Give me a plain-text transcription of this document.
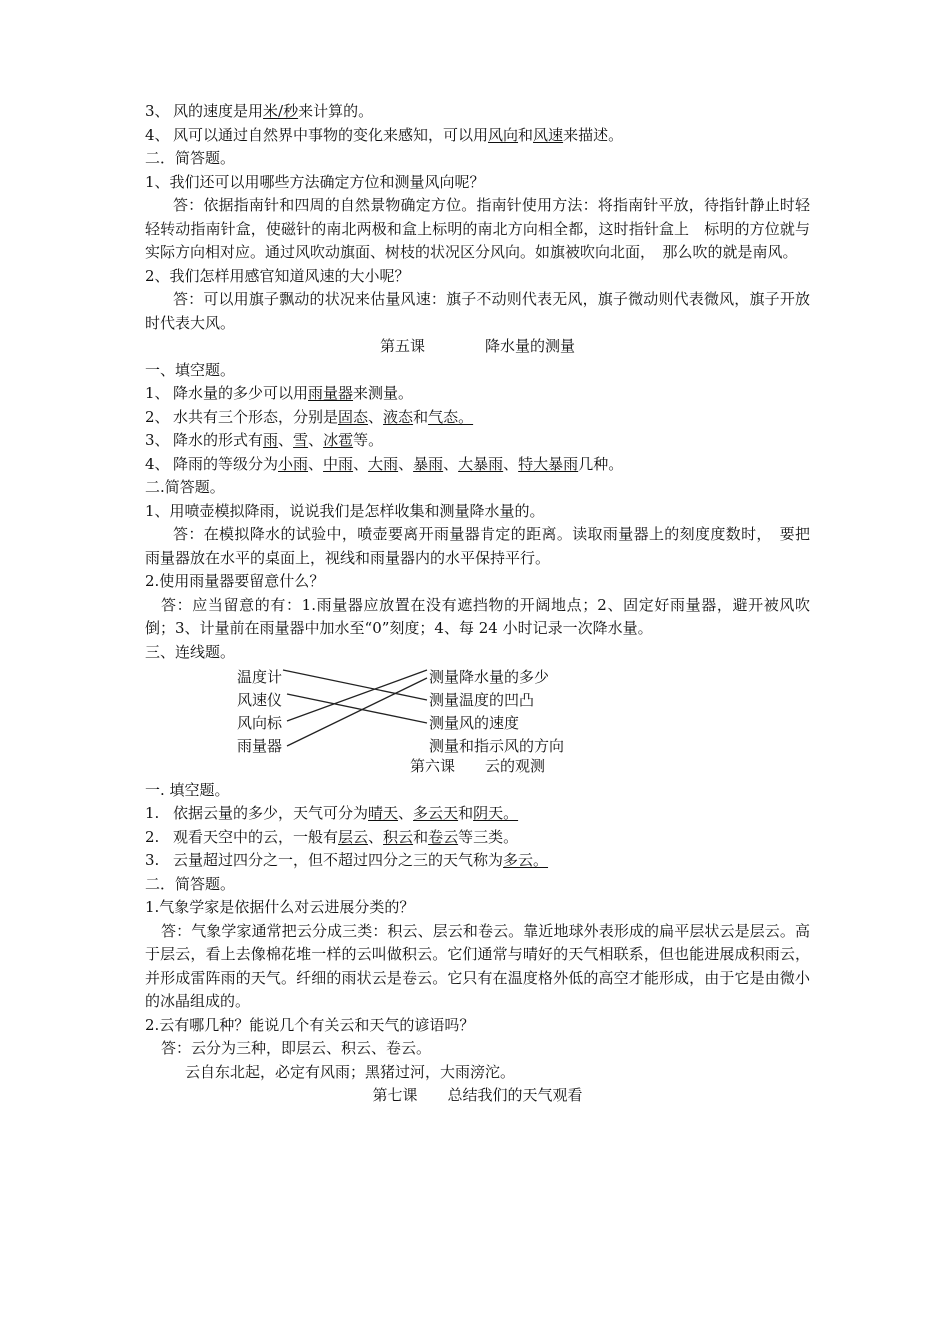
3、 风的速度是用米/秒来计算的。
4、 风可以通过自然界中事物的变化来感知，可以用风向和风速来描述。
二．简答题。
1、我们还可以用哪些方法确定方位和测量风向呢？
答：依据指南针和四周的自然景物确定方位。指南针使用方法：将指南针平放，待指针静止时轻轻转动指南针盒，使磁针的南北两极和盒上标明的南北方向相全都，这时指针盒上　标明的方位就与实际方向相对应。通过风吹动旗面、树枝的状况区分风向。如旗被吹向北面，　那么吹的就是南风。
2、我们怎样用感官知道风速的大小呢？
答：可以用旗子飘动的状况来估量风速：旗子不动则代表无风，旗子微动则代表微风，旗子开放时代表大风。
第五课　　　　降水量的测量
一、填空题。
1、 降水量的多少可以用雨量器来测量。
2、 水共有三个形态，分别是固态、液态和气态。
3、 降水的形式有雨、雪、冰雹等。
4、 降雨的等级分为小雨、中雨、大雨、暴雨、大暴雨、特大暴雨几种。
二.简答题。
1、用喷壶模拟降雨，说说我们是怎样收集和测量降水量的。
答：在模拟降水的试验中，喷壶要离开雨量器肯定的距离。读取雨量器上的刻度度数时，　要把雨量器放在水平的桌面上，视线和雨量器内的水平保持平行。
2.使用雨量器要留意什么？
答：应当留意的有：1.雨量器应放置在没有遮挡物的开阔地点；2、固定好雨量器，避开被风吹倒；3、计量前在雨量器中加水至“0”刻度；4、每 24 小时记录一次降水量。
三、连线题。
温度计
风速仪
风向标
雨量器
测量降水量的多少
测量温度的凹凸
测量风的速度
测量和指示风的方向
第六课　　云的观测
一. 填空题。
1. 依据云量的多少，天气可分为晴天、多云天和阴天。
2. 观看天空中的云，一般有层云、积云和卷云等三类。
3. 云量超过四分之一，但不超过四分之三的天气称为多云。
二．简答题。
1.气象学家是依据什么对云进展分类的？
答：气象学家通常把云分成三类：积云、层云和卷云。靠近地球外表形成的扁平层状云是层云。高于层云，看上去像棉花堆一样的云叫做积云。它们通常与晴好的天气相联系，但也能进展成积雨云，并形成雷阵雨的天气。纤细的雨状云是卷云。它只有在温度格外低的高空才能形成，由于它是由微小的冰晶组成的。
2.云有哪几种？能说几个有关云和天气的谚语吗？
答：云分为三种，即层云、积云、卷云。
云自东北起，必定有风雨；黑猪过河，大雨滂沱。
第七课　　总结我们的天气观看
